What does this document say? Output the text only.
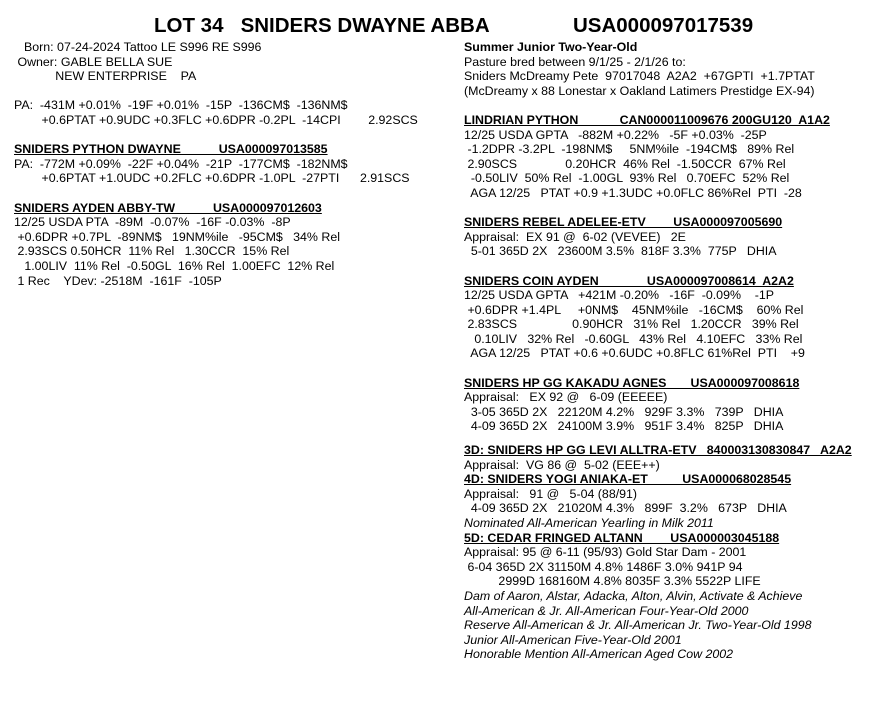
LOT 34   SNIDERS DWAYNE ABBA	USA000097017539
Born: 07-24-2024 Tattoo LE S996 RE S996
Owner: GABLE BELLA SUE
NEW ENTERPRISE    PA
PA:  -431M +0.01%  -19F +0.01%  -15P  -136CM$  -136NM$
+0.6PTAT +0.9UDC +0.3FLC +0.6DPR -0.2PL  -14CPI        2.92SCS
SNIDERS PYTHON DWAYNE           USA000097013585
PA:  -772M +0.09%  -22F +0.04%  -21P  -177CM$  -182NM$
+0.6PTAT +1.0UDC +0.2FLC +0.6DPR -1.0PL  -27PTI      2.91SCS
SNIDERS AYDEN ABBY-TW           USA000097012603
12/25 USDA PTA  -89M  -0.07%  -16F -0.03%  -8P
+0.6DPR +0.7PL  -89NM$   19NM%ile   -95CM$   34% Rel
2.93SCS 0.50HCR  11% Rel   1.30CCR  15% Rel
1.00LIV  11% Rel  -0.50GL  16% Rel  1.00EFC  12% Rel
1 Rec    YDev: -2518M  -161F  -105P
Summer Junior Two-Year-Old
Pasture bred between 9/1/25 - 2/1/26 to:
Sniders McDreamy Pete  97017048  A2A2  +67GPTI  +1.7PTAT
(McDreamy x 88 Lonestar x Oakland Latimers Prestidge EX-94)
LINDRIAN PYTHON            CAN000011009676 200GU120  A1A2
12/25 USDA GPTA   -882M +0.22%   -5F +0.03%  -25P
-1.2DPR -3.2PL  -198NM$     5NM%ile  -194CM$   89% Rel
2.90SCS              0.20HCR  46% Rel  -1.50CCR  67% Rel
-0.50LIV  50% Rel  -1.00GL  93% Rel   0.70EFC  52% Rel
AGA 12/25   PTAT +0.9 +1.3UDC +0.0FLC 86%Rel  PTI  -28
SNIDERS REBEL ADELEE-ETV        USA000097005690
Appraisal:  EX 91 @  6-02 (VEVEE)   2E
5-01 365D 2X   23600M 3.5%  818F 3.3%  775P   DHIA
SNIDERS COIN AYDEN              USA000097008614  A2A2
12/25 USDA GPTA   +421M -0.20%   -16F  -0.09%    -1P
+0.6DPR +1.4PL     +0NM$    45NM%ile   -16CM$    60% Rel
2.83SCS                0.90HCR   31% Rel   1.20CCR   39% Rel
0.10LIV   32% Rel   -0.60GL   43% Rel   4.10EFC   33% Rel
AGA 12/25   PTAT +0.6 +0.6UDC +0.8FLC 61%Rel  PTI    +9
SNIDERS HP GG KAKADU AGNES       USA000097008618
Appraisal:   EX 92 @   6-09 (EEEEE)
3-05 365D 2X   22120M 4.2%   929F 3.3%   739P   DHIA
4-09 365D 2X   24100M 3.9%   951F 3.4%   825P   DHIA
3D: SNIDERS HP GG LEVI ALLTRA-ETV   840003130830847   A2A2
Appraisal:  VG 86 @  5-02 (EEE++)
4D: SNIDERS YOGI ANIAKA-ET          USA000068028545
Appraisal:   91 @   5-04 (88/91)
4-09 365D 2X   21020M 4.3%   899F  3.2%   673P   DHIA
Nominated All-American Yearling in Milk 2011
5D: CEDAR FRINGED ALTANN        USA000003045188
Appraisal: 95 @ 6-11 (95/93) Gold Star Dam - 2001
6-04 365D 2X 31150M 4.8% 1486F 3.0% 941P 94
2999D 168160M 4.8% 8035F 3.3% 5522P LIFE
Dam of Aaron, Alstar, Adacka, Alton, Alvin, Activate & Achieve
All-American & Jr. All-American Four-Year-Old 2000
Reserve All-American & Jr. All-American Jr. Two-Year-Old 1998
Junior All-American Five-Year-Old 2001
Honorable Mention All-American Aged Cow 2002
